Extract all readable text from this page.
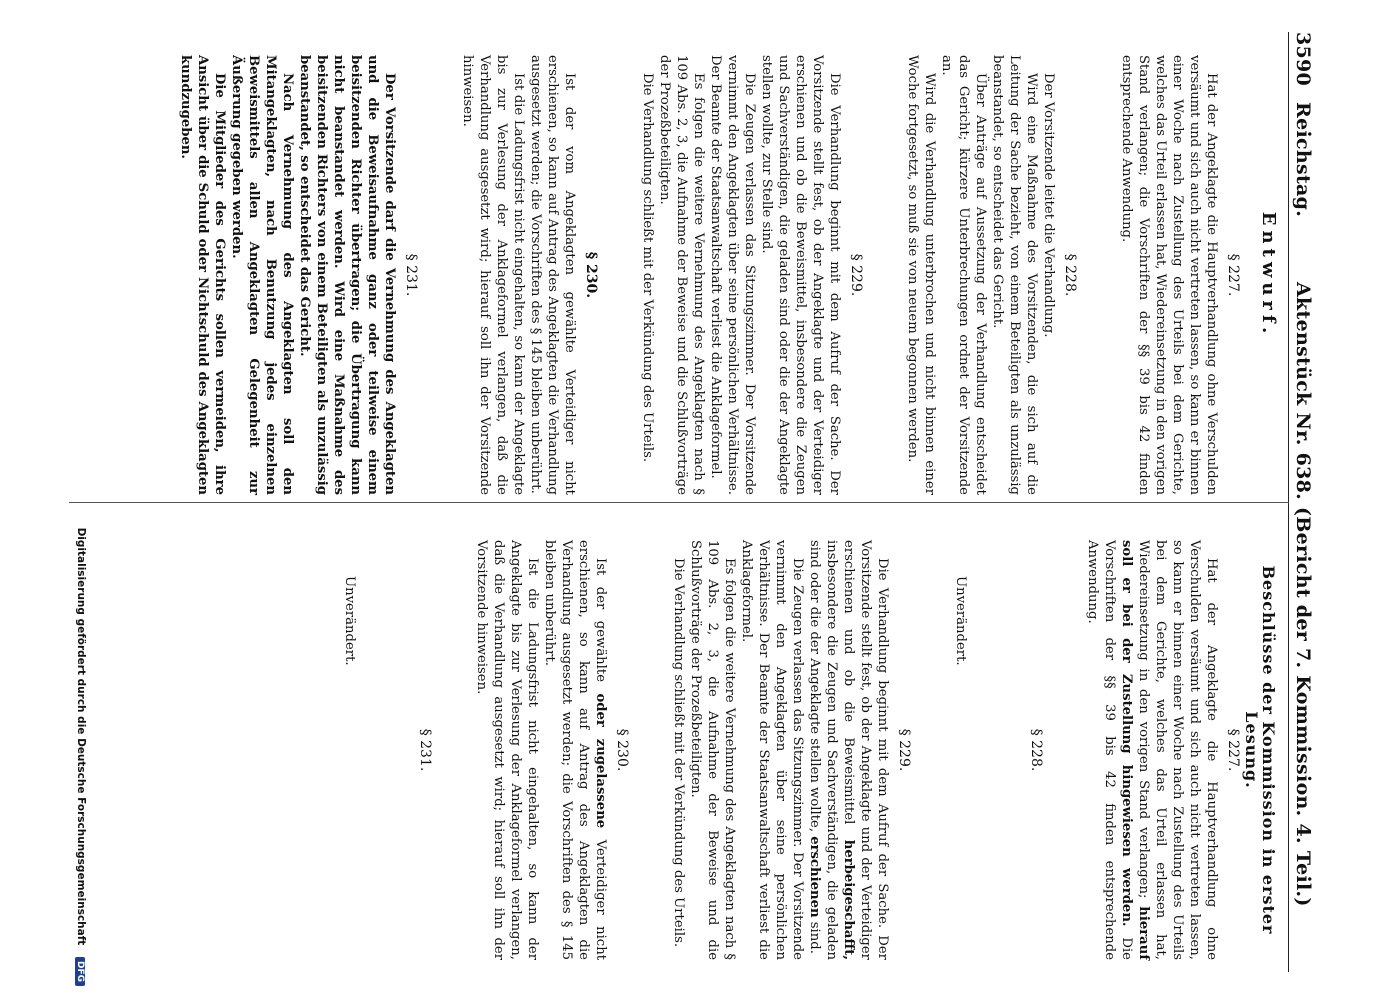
3590
Reichstag.
Aktenstück Nr. 638. (Bericht der 7. Kommission. 4. Teil.)
Entwurf.
§ 227.

Hat der Angeklagte die Hauptverhandlung ohne Verschulden versäumt und sich auch nicht vertreten lassen, so kann er binnen einer Woche nach Zustellung des Urteils bei dem Gerichte, welches das Urteil erlassen hat, Wiedereinsetzung in den vorigen Stand verlangen; die Vorschriften der §§ 39 bis 42 finden entsprechende Anwendung.

§ 228.

Der Vorsitzende leitet die Verhandlung.

Wird eine Maßnahme des Vorsitzenden, die sich auf die Leitung der Sache bezieht, von einem Beteiligten als unzulässig beanstandet, so entscheidet das Gericht.

Über Anträge auf Aussetzung der Verhandlung entscheidet das Gericht; kürzere Unterbrechungen ordnet der Vorsitzende an.

Wird die Verhandlung unterbrochen und nicht binnen einer Woche fortgesetzt, so muß sie von neuem begonnen werden.

§ 229.

Die Verhandlung beginnt mit dem Aufruf der Sache. Der Vorsitzende stellt fest, ob der Angeklagte und der Verteidiger erschienen und ob die Beweismittel, insbesondere die Zeugen und Sachverständigen, die geladen sind oder die der Angeklagte stellen wollte, zur Stelle sind.

Die Zeugen verlassen das Sitzungszimmer. Der Vorsitzende vernimmt den Angeklagten über seine persönlichen Verhältnisse. Der Beamte der Staatsanwaltschaft verliest die Anklageformel.

Es folgen die weitere Vernehmung des Angeklagten nach § 109 Abs. 2, 3, die Aufnahme der Beweise und die Schlußvorträge der Prozeßbeteiligten.

Die Verhandlung schließt mit der Verkündung des Urteils.

§ 230.

Ist der vom Angeklagten gewählte Verteidiger nicht erschienen, so kann auf Antrag des Angeklagten die Verhandlung ausgesetzt werden; die Vorschriften des § 145 bleiben unberührt.

Ist die Ladungsfrist nicht eingehalten, so kann der Angeklagte bis zur Verlesung der Anklageformel verlangen, daß die Verhandlung ausgesetzt wird; hierauf soll ihn der Vorsitzende hinweisen.

§ 231.

Der Vorsitzende darf die Vernehmung des Angeklagten und die Beweisaufnahme ganz oder teilweise einem beisitzenden Richter übertragen; die Übertragung kann nicht beanstandet werden. Wird eine Maßnahme des beisitzenden Richters von einem Beteiligten als unzulässig beanstandet, so entscheidet das Gericht.

Nach Vernehmung des Angeklagten soll den Mitangeklagten, nach Benutzung jedes einzelnen Beweismittels allen Angeklagten Gelegenheit zur Äußerung gegeben werden.

Die Mitglieder des Gerichts sollen vermeiden, ihre Ansicht über die Schuld oder Nichtschuld des Angeklagten kundzugeben.

Beschlüsse der Kommission in erster Lesung.
§ 227.

Hat der Angeklagte die Hauptverhandlung ohne Verschulden versäumt und sich auch nicht vertreten lassen, so kann er binnen einer Woche nach Zustellung des Urteils bei dem Gerichte, welches das Urteil erlassen hat, Wiedereinsetzung in den vorigen Stand verlangen; hierauf soll er bei der Zustellung hingewiesen werden. Die Vorschriften der §§ 39 bis 42 finden entsprechende Anwendung.

§ 228.

Unverändert.

§ 229.

Die Verhandlung beginnt mit dem Aufruf der Sache. Der Vorsitzende stellt fest, ob der Angeklagte und der Verteidiger erschienen und ob die Beweismittel herbeigeschafft, insbesondere die Zeugen und Sachverständigen, die geladen sind oder die der Angeklagte stellen wollte, erschienen sind.

Die Zeugen verlassen das Sitzungszimmer. Der Vorsitzende vernimmt den Angeklagten über seine persönlichen Verhältnisse. Der Beamte der Staatsanwaltschaft verliest die Anklageformel.

Es folgen die weitere Vernehmung des Angeklagten nach § 109 Abs. 2, 3, die Aufnahme der Beweise und die Schlußvorträge der Prozeßbeteiligten.

Die Verhandlung schließt mit der Verkündung des Urteils.

§ 230.

Ist der gewählte oder zugelassene Verteidiger nicht erschienen, so kann auf Antrag des Angeklagten die Verhandlung ausgesetzt werden; die Vorschriften des § 145 bleiben unberührt.

Ist die Ladungsfrist nicht eingehalten, so kann der Angeklagte bis zur Verlesung der Anklageformel verlangen, daß die Verhandlung ausgesetzt wird; hierauf soll ihn der Vorsitzende hinweisen.

§ 231.

Unverändert.

Digitalisierung gefördert durch die Deutsche Forschungsgemeinschaft DFG
